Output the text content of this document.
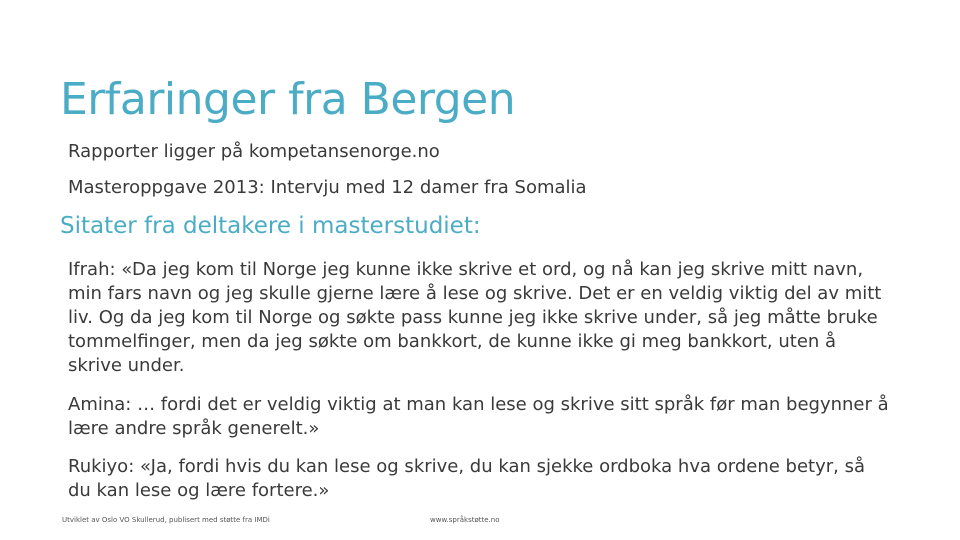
Erfaringer fra Bergen
Rapporter ligger på kompetansenorge.no
Masteroppgave 2013: Intervju med 12 damer fra Somalia
Sitater fra deltakere i masterstudiet:
Ifrah: «Da jeg kom til Norge jeg kunne ikke skrive et ord, og nå kan jeg skrive mitt navn, min fars navn og jeg skulle gjerne lære å lese og skrive. Det er en veldig viktig del av mitt liv. Og da jeg kom til Norge og søkte pass kunne jeg ikke skrive under, så jeg måtte bruke tommelfinger, men da jeg søkte om bankkort, de kunne ikke gi meg bankkort, uten å skrive under.
Amina: … fordi det er veldig viktig at man kan lese og skrive sitt språk før man begynner å lære andre språk generelt.»
Rukiyo: «Ja, fordi hvis du kan lese og skrive, du kan sjekke ordboka hva ordene betyr, så du kan lese og lære fortere.»
Utviklet av Oslo VO Skullerud, publisert med støtte fra IMDi	www.språkstøtte.no
